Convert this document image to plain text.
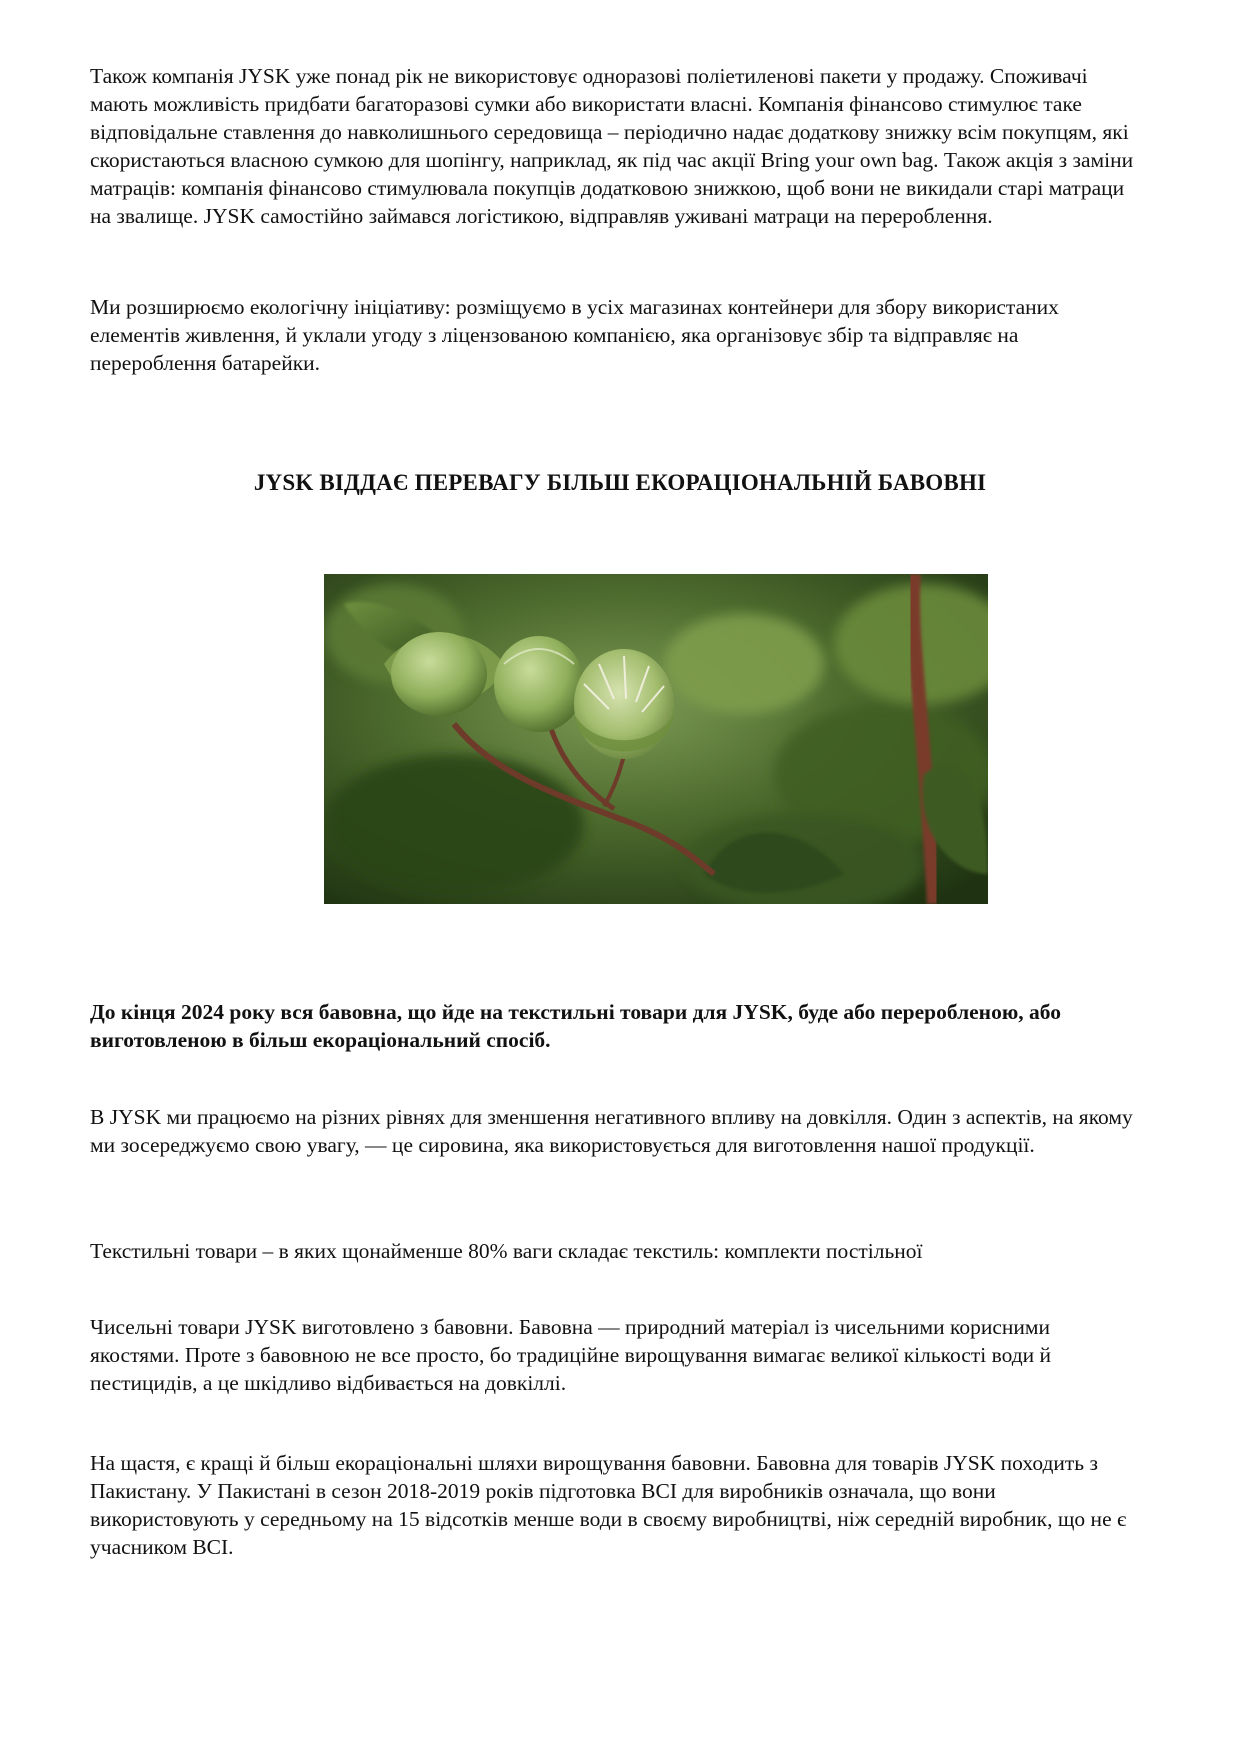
Також компанія JYSK уже понад рік не використовує одноразові поліетиленові пакети у продажу. Споживачі мають можливість придбати багаторазові сумки або використати власні. Компанія фінансово стимулює таке відповідальне ставлення до навколишнього середовища – періодично надає додаткову знижку всім покупцям, які скористаються власною сумкою для шопінгу, наприклад, як під час акції Bring your own bag. Також акція з заміни матраців: компанія фінансово стимулювала покупців додатковою знижкою, щоб вони не викидали старі матраци на звалище. JYSK самостійно займався логістикою, відправляв уживані матраци на перероблення.

Ми розширюємо екологічну ініціативу: розміщуємо в усіх магазинах контейнери для збору використаних елементів живлення, й уклали угоду з ліцензованою компанією, яка організовує збір та відправляє на перероблення батарейки.

JYSK ВІДДАЄ ПЕРЕВАГУ БІЛЬШ ЕКОРАЦІОНАЛЬНІЙ БАВОВНІ

До кінця 2024 року вся бавовна, що йде на текстильні товари для JYSK, буде або переробленою, або виготовленою в більш екораціональний спосіб.

В JYSK ми працюємо на різних рівнях для зменшення негативного впливу на довкілля. Один з аспектів, на якому ми зосереджуємо свою увагу, — це сировина, яка використовується для виготовлення нашої продукції.

Текстильні товари – в яких щонайменше 80% ваги складає текстиль: комплекти постільної

Чисельні товари JYSK виготовлено з бавовни. Бавовна — природний матеріал із чисельними корисними якостями. Проте з бавовною не все просто, бо традиційне вирощування вимагає великої кількості води й пестицидів, а це шкідливо відбивається на довкіллі.

На щастя, є кращі й більш екораціональні шляхи вирощування бавовни. Бавовна для товарів JYSK походить з Пакистану. У Пакистані в сезон 2018-2019 років підготовка BCI для виробників означала, що вони використовують у середньому на 15 відсотків менше води в своєму виробництві, ніж середній виробник, що не є учасником BCI.
